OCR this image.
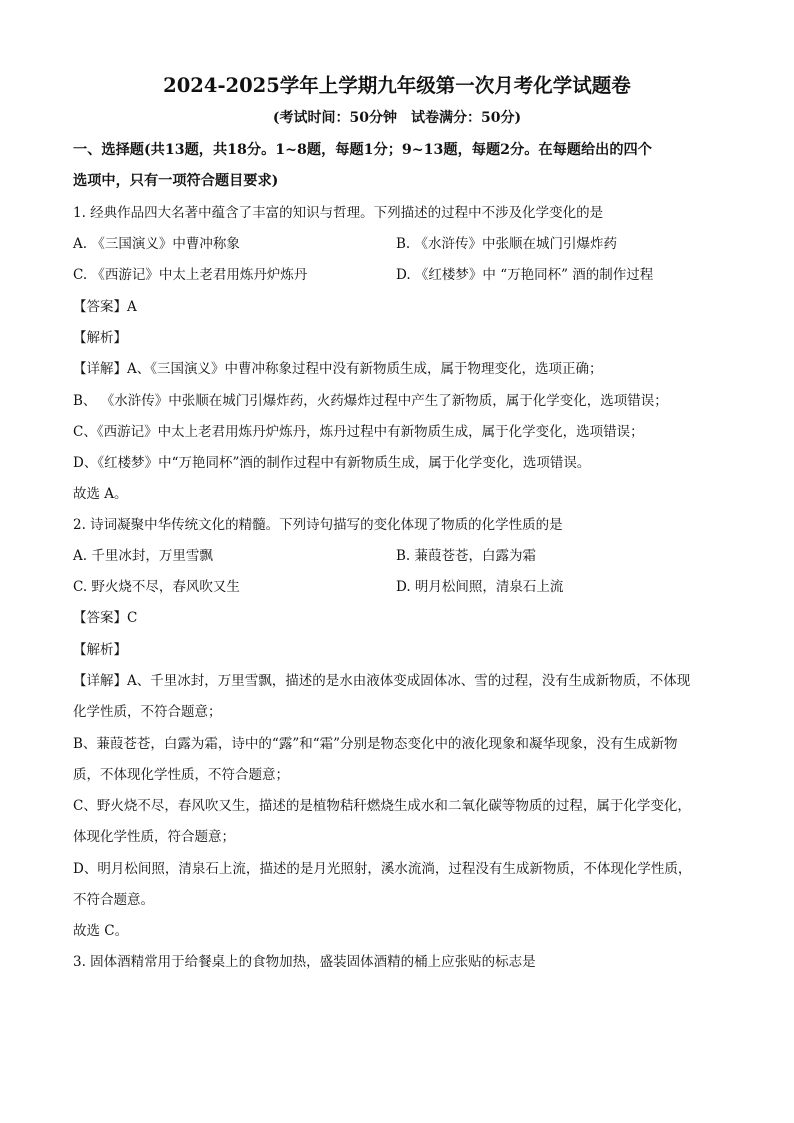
2024-2025学年上学期九年级第一次月考化学试题卷
(考试时间：50分钟　试卷满分：50分)
一、选择题(共13题，共18分。1~8题，每题1分；9~13题，每题2分。在每题给出的四个
选项中，只有一项符合题目要求)
1. 经典作品四大名著中蕴含了丰富的知识与哲理。下列描述的过程中不涉及化学变化的是
A. 《三国演义》中曹冲称象	B. 《水浒传》中张顺在城门引爆炸药
C. 《西游记》中太上老君用炼丹炉炼丹	D. 《红楼梦》中 “万艳同杯” 酒的制作过程
【答案】A
【解析】
【详解】A、《三国演义》中曹冲称象过程中没有新物质生成，属于物理变化，选项正确；
B、 《水浒传》中张顺在城门引爆炸药，火药爆炸过程中产生了新物质，属于化学变化，选项错误；
C、《西游记》中太上老君用炼丹炉炼丹，炼丹过程中有新物质生成，属于化学变化，选项错误；
D、《红楼梦》中“万艳同杯”酒的制作过程中有新物质生成，属于化学变化，选项错误。
故选 A。
2. 诗词凝聚中华传统文化的精髓。下列诗句描写的变化体现了物质的化学性质的是
A. 千里冰封，万里雪飘	B. 蒹葭苍苍，白露为霜
C. 野火烧不尽，春风吹又生	D. 明月松间照，清泉石上流
【答案】C
【解析】
【详解】A、千里冰封，万里雪飘，描述的是水由液体变成固体冰、雪的过程，没有生成新物质，不体现
化学性质，不符合题意；
B、蒹葭苍苍，白露为霜，诗中的“露”和“霜”分别是物态变化中的液化现象和凝华现象，没有生成新物
质，不体现化学性质，不符合题意；
C、野火烧不尽，春风吹又生，描述的是植物秸秆燃烧生成水和二氧化碳等物质的过程，属于化学变化，
体现化学性质，符合题意；
D、明月松间照，清泉石上流，描述的是月光照射，溪水流淌，过程没有生成新物质，不体现化学性质，
不符合题意。
故选 C。
3. 固体酒精常用于给餐桌上的食物加热，盛装固体酒精的桶上应张贴的标志是
